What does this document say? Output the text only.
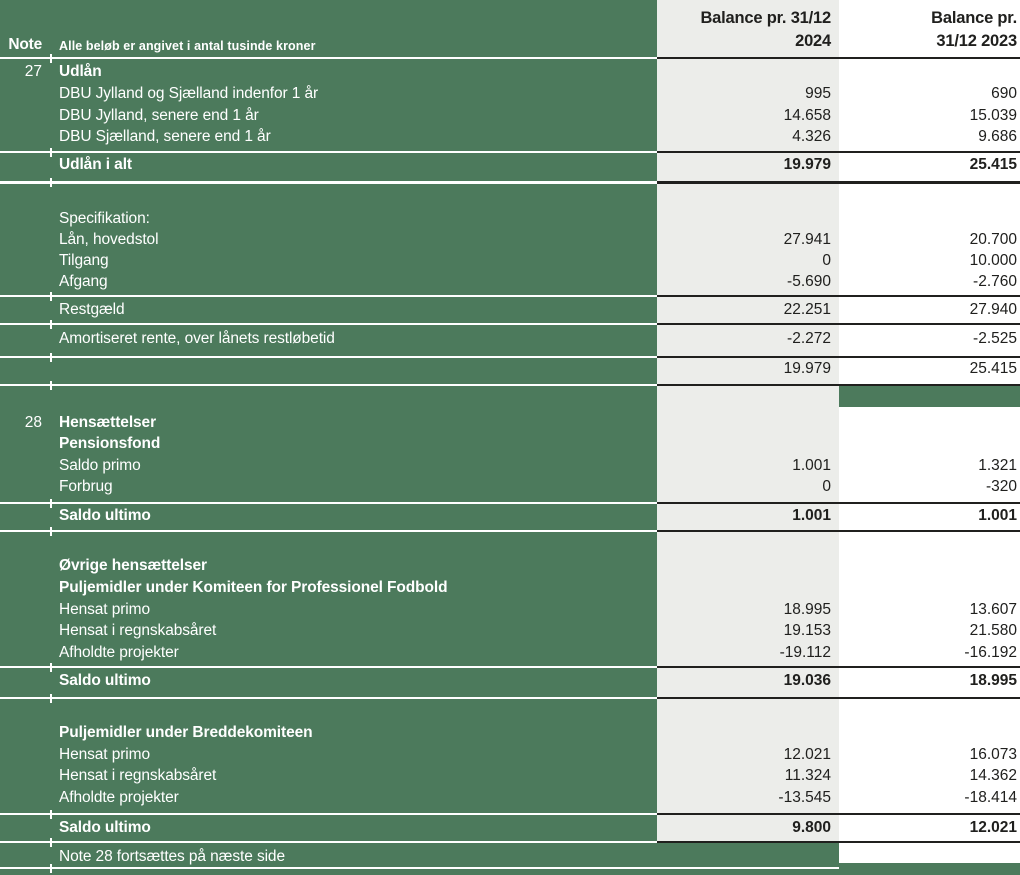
Note Alle beløb er angivet i antal tusinde kroner
Balance pr. 31/12
2024
Balance pr.
31/12 2023
27 Udlån
DBU Jylland og Sjælland indenfor 1 år	995	690
DBU Jylland, senere end 1 år	14.658	15.039
DBU Sjælland, senere end 1 år	4.326	9.686
Udlån i alt	19.979	25.415
Specifikation:
Lån, hovedstol	27.941	20.700
Tilgang	0	10.000
Afgang	-5.690	-2.760
Restgæld	22.251	27.940
Amortiseret rente, over lånets restløbetid	-2.272	-2.525
19.979	25.415
28 Hensættelser
Pensionsfond
Saldo primo	1.001	1.321
Forbrug	0	-320
Saldo ultimo	1.001	1.001
Øvrige hensættelser
Puljemidler under Komiteen for Professionel Fodbold
Hensat primo	18.995	13.607
Hensat i regnskabsåret	19.153	21.580
Afholdte projekter	-19.112	-16.192
Saldo ultimo	19.036	18.995
Puljemidler under Breddekomiteen
Hensat primo	12.021	16.073
Hensat i regnskabsåret	11.324	14.362
Afholdte projekter	-13.545	-18.414
Saldo ultimo	9.800	12.021
Note 28 fortsættes på næste side
